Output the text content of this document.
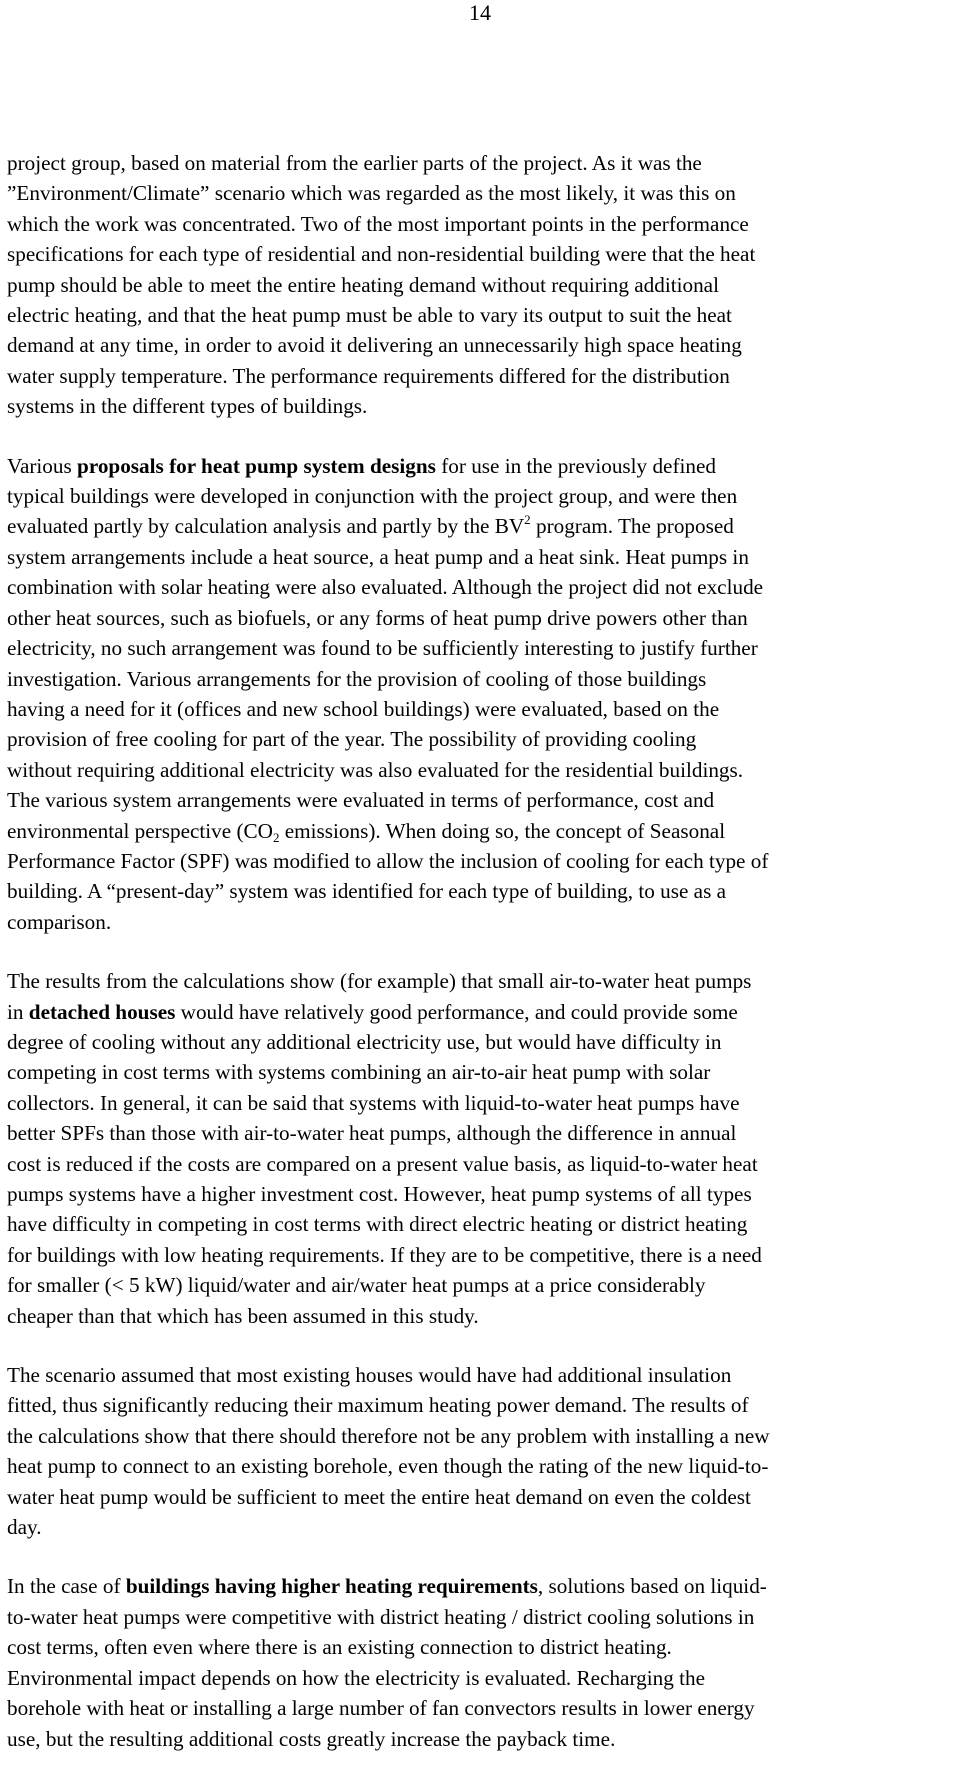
14

project group, based on material from the earlier parts of the project. As it was the
”Environment/Climate” scenario which was regarded as the most likely, it was this on
which the work was concentrated. Two of the most important points in the performance
specifications for each type of residential and non-residential building were that the heat
pump should be able to meet the entire heating demand without requiring additional
electric heating, and that the heat pump must be able to vary its output to suit the heat
demand at any time, in order to avoid it delivering an unnecessarily high space heating
water supply temperature. The performance requirements differed for the distribution
systems in the different types of buildings.

Various proposals for heat pump system designs for use in the previously defined
typical buildings were developed in conjunction with the project group, and were then
evaluated partly by calculation analysis and partly by the $BV^2$ program. The proposed
system arrangements include a heat source, a heat pump and a heat sink. Heat pumps in
combination with solar heating were also evaluated. Although the project did not exclude
other heat sources, such as biofuels, or any forms of heat pump drive powers other than
electricity, no such arrangement was found to be sufficiently interesting to justify further
investigation. Various arrangements for the provision of cooling of those buildings
having a need for it (offices and new school buildings) were evaluated, based on the
provision of free cooling for part of the year. The possibility of providing cooling
without requiring additional electricity was also evaluated for the residential buildings.
The various system arrangements were evaluated in terms of performance, cost and
environmental perspective ($CO_2$ emissions). When doing so, the concept of Seasonal
Performance Factor (SPF) was modified to allow the inclusion of cooling for each type of
building. A “present-day” system was identified for each type of building, to use as a
comparison.

The results from the calculations show (for example) that small air-to-water heat pumps
in detached houses would have relatively good performance, and could provide some
degree of cooling without any additional electricity use, but would have difficulty in
competing in cost terms with systems combining an air-to-air heat pump with solar
collectors. In general, it can be said that systems with liquid-to-water heat pumps have
better SPFs than those with air-to-water heat pumps, although the difference in annual
cost is reduced if the costs are compared on a present value basis, as liquid-to-water heat
pumps systems have a higher investment cost. However, heat pump systems of all types
have difficulty in competing in cost terms with direct electric heating or district heating
for buildings with low heating requirements. If they are to be competitive, there is a need
for smaller (< 5 kW) liquid/water and air/water heat pumps at a price considerably
cheaper than that which has been assumed in this study.

The scenario assumed that most existing houses would have had additional insulation
fitted, thus significantly reducing their maximum heating power demand. The results of
the calculations show that there should therefore not be any problem with installing a new
heat pump to connect to an existing borehole, even though the rating of the new liquid-to-
water heat pump would be sufficient to meet the entire heat demand on even the coldest
day.

In the case of buildings having higher heating requirements, solutions based on liquid-
to-water heat pumps were competitive with district heating / district cooling solutions in
cost terms, often even where there is an existing connection to district heating.
Environmental impact depends on how the electricity is evaluated. Recharging the
borehole with heat or installing a large number of fan convectors results in lower energy
use, but the resulting additional costs greatly increase the payback time.
